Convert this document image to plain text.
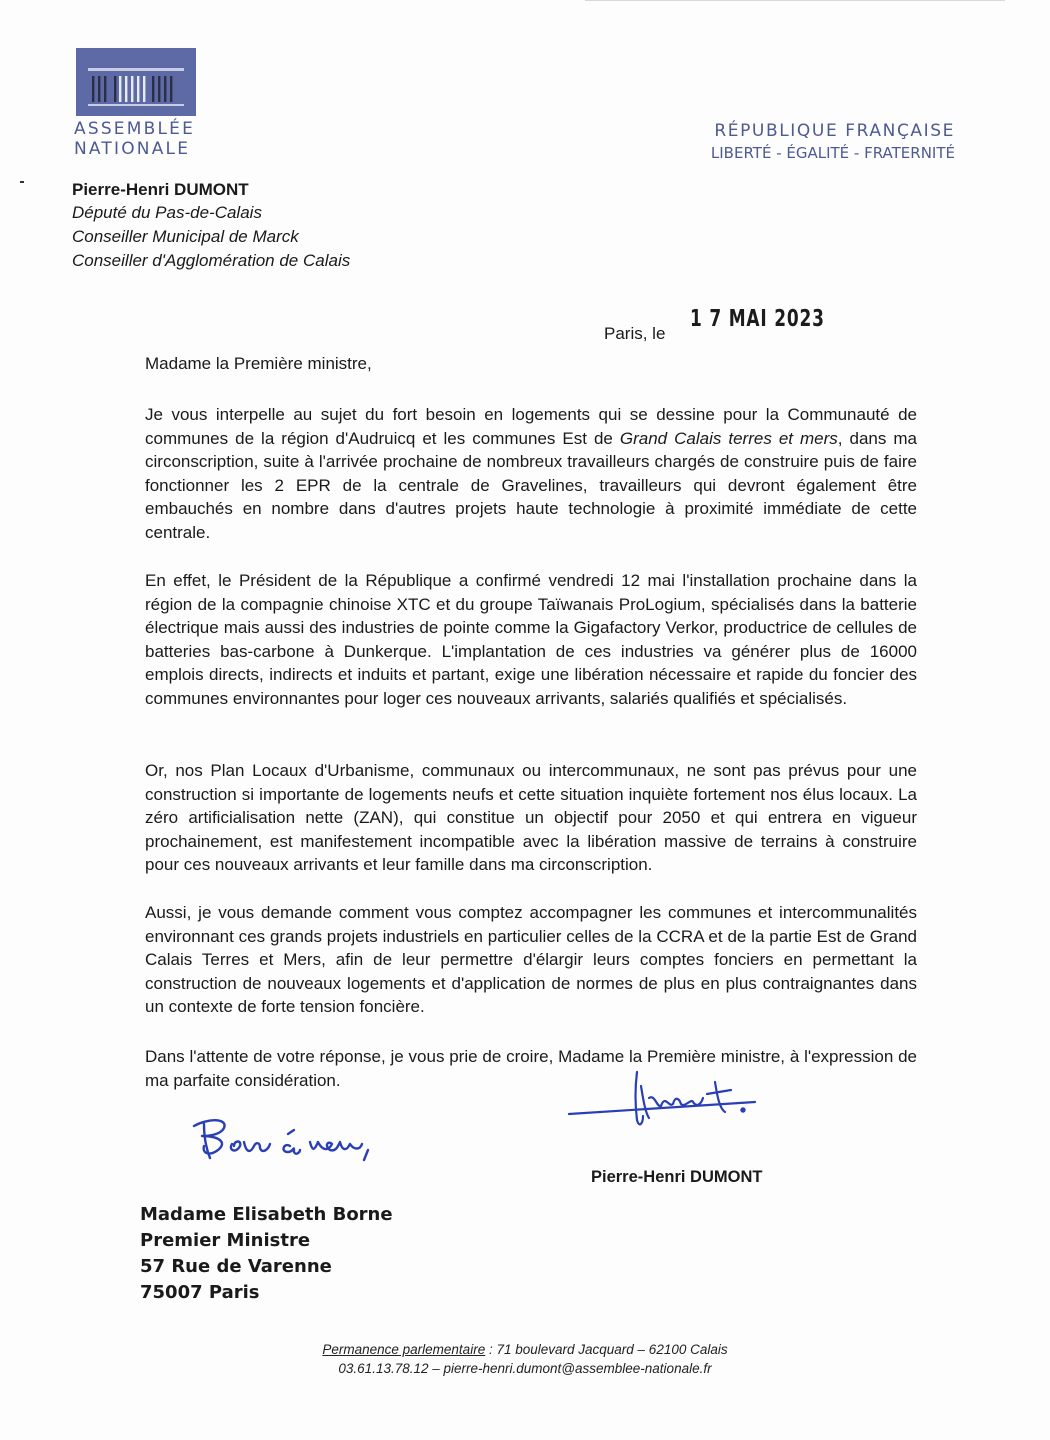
ASSEMBLÉE
NATIONALE
RÉPUBLIQUE FRANÇAISE
LIBERTÉ - ÉGALITÉ - FRATERNITÉ
Pierre-Henri DUMONT
Député du Pas-de-Calais
Conseiller Municipal de Marck
Conseiller d'Agglomération de Calais
Paris, le
1 7 MAI 2023
Madame la Première ministre,

Je vous interpelle au sujet du fort besoin en logements qui se dessine pour la Communauté de communes de la région d'Audruicq et les communes Est de Grand Calais terres et mers, dans ma circonscription, suite à l'arrivée prochaine de nombreux travailleurs chargés de construire puis de faire fonctionner les 2 EPR de la centrale de Gravelines, travailleurs qui devront également être embauchés en nombre dans d'autres projets haute technologie à proximité immédiate de cette centrale.

En effet, le Président de la République a confirmé vendredi 12 mai l'installation prochaine dans la région de la compagnie chinoise XTC et du groupe Taïwanais ProLogium, spécialisés dans la batterie électrique mais aussi des industries de pointe comme la Gigafactory Verkor, productrice de cellules de batteries bas-carbone à Dunkerque. L'implantation de ces industries va générer plus de 16000 emplois directs, indirects et induits et partant, exige une libération nécessaire et rapide du foncier des communes environnantes pour loger ces nouveaux arrivants, salariés qualifiés et spécialisés.

Or, nos Plan Locaux d'Urbanisme, communaux ou intercommunaux, ne sont pas prévus pour une construction si importante de logements neufs et cette situation inquiète fortement nos élus locaux. La zéro artificialisation nette (ZAN), qui constitue un objectif pour 2050 et qui entrera en vigueur prochainement, est manifestement incompatible avec la libération massive de terrains à construire pour ces nouveaux arrivants et leur famille dans ma circonscription.

Aussi, je vous demande comment vous comptez accompagner les communes et intercommunalités environnant ces grands projets industriels en particulier celles de la CCRA et de la partie Est de Grand Calais Terres et Mers, afin de leur permettre d'élargir leurs comptes fonciers en permettant la construction de nouveaux logements et d'application de normes de plus en plus contraignantes dans un contexte de forte tension foncière.

Dans l'attente de votre réponse, je vous prie de croire, Madame la Première ministre, à l'expression de ma parfaite considération.

Pierre-Henri DUMONT
Madame Elisabeth Borne
Premier Ministre
57 Rue de Varenne
75007 Paris
Permanence parlementaire : 71 boulevard Jacquard – 62100 Calais
03.61.13.78.12 – pierre-henri.dumont@assemblee-nationale.fr
